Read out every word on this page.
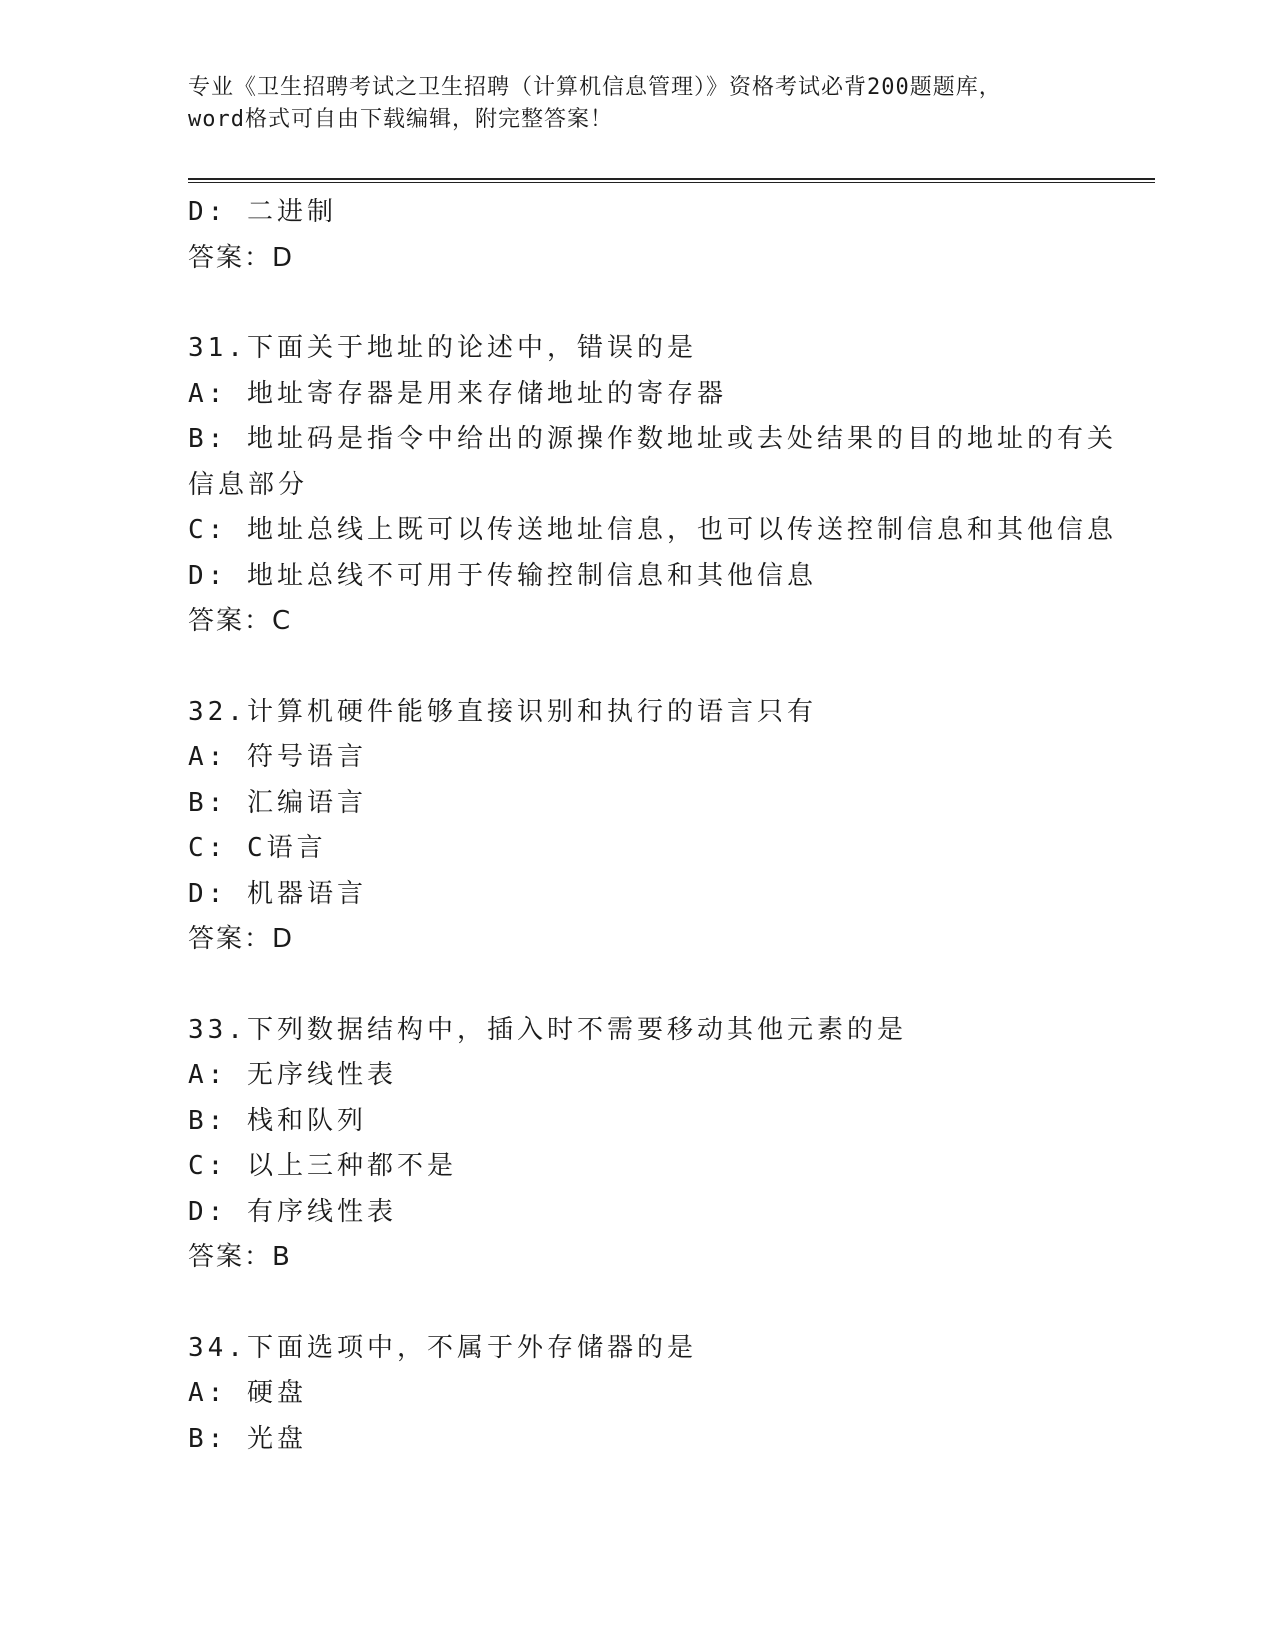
专业《卫生招聘考试之卫生招聘（计算机信息管理）》资格考试必背200题题库，
word格式可自由下载编辑，附完整答案！
D: 二进制
答案：D
31.下面关于地址的论述中，错误的是
A: 地址寄存器是用来存储地址的寄存器
B: 地址码是指令中给出的源操作数地址或去处结果的目的地址的有关
信息部分
C: 地址总线上既可以传送地址信息，也可以传送控制信息和其他信息
D: 地址总线不可用于传输控制信息和其他信息
答案：C
32.计算机硬件能够直接识别和执行的语言只有
A: 符号语言
B: 汇编语言
C: C语言
D: 机器语言
答案：D
33.下列数据结构中，插入时不需要移动其他元素的是
A: 无序线性表
B: 栈和队列
C: 以上三种都不是
D: 有序线性表
答案：B
34.下面选项中，不属于外存储器的是
A: 硬盘
B: 光盘
